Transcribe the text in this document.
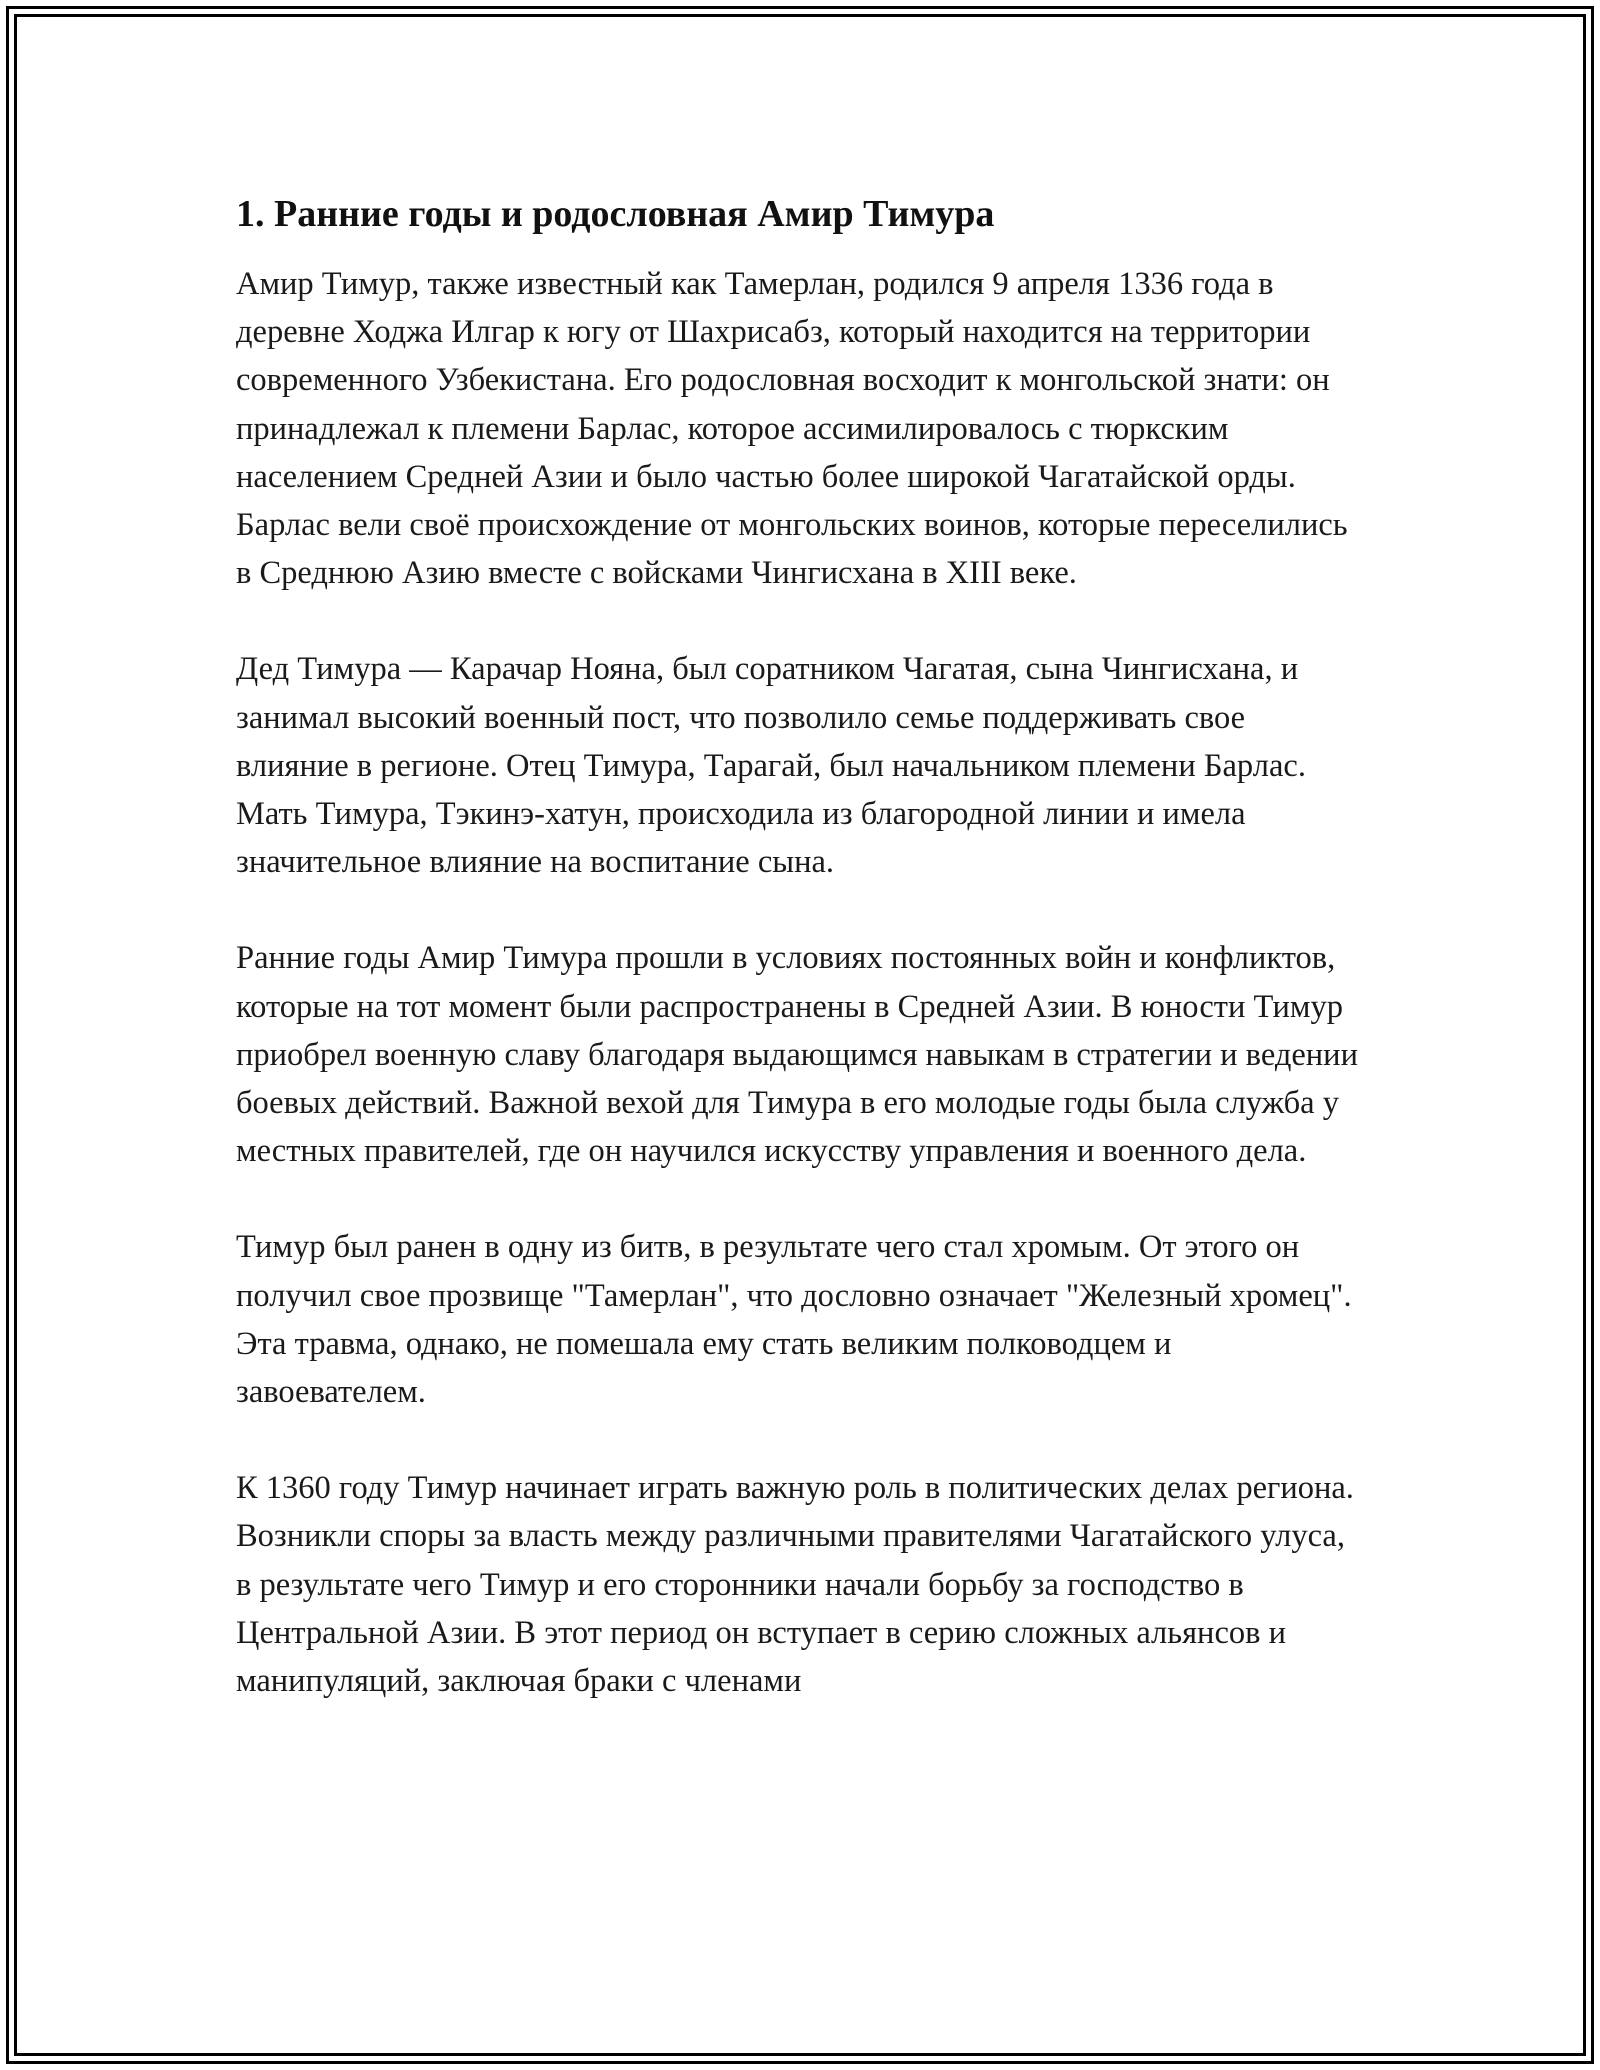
1. Ранние годы и родословная Амир Тимура

Амир Тимур, также известный как Тамерлан, родился 9 апреля 1336 года в деревне Ходжа Илгар к югу от Шахрисабз, который находится на территории современного Узбекистана. Его родословная восходит к монгольской знати: он принадлежал к племени Барлас, которое ассимилировалось с тюркским населением Средней Азии и было частью более широкой Чагатайской орды. Барлас вели своё происхождение от монгольских воинов, которые переселились в Среднюю Азию вместе с войсками Чингисхана в XIII веке.

Дед Тимура — Карачар Нояна, был соратником Чагатая, сына Чингисхана, и занимал высокий военный пост, что позволило семье поддерживать свое влияние в регионе. Отец Тимура, Тарагай, был начальником племени Барлас. Мать Тимура, Тэкинэ-хатун, происходила из благородной линии и имела значительное влияние на воспитание сына.

Ранние годы Амир Тимура прошли в условиях постоянных войн и конфликтов, которые на тот момент были распространены в Средней Азии. В юности Тимур приобрел военную славу благодаря выдающимся навыкам в стратегии и ведении боевых действий. Важной вехой для Тимура в его молодые годы была служба у местных правителей, где он научился искусству управления и военного дела.

Тимур был ранен в одну из битв, в результате чего стал хромым. От этого он получил свое прозвище "Тамерлан", что дословно означает "Железный хромец". Эта травма, однако, не помешала ему стать великим полководцем и завоевателем.

К 1360 году Тимур начинает играть важную роль в политических делах региона. Возникли споры за власть между различными правителями Чагатайского улуса, в результате чего Тимур и его сторонники начали борьбу за господство в Центральной Азии. В этот период он вступает в серию сложных альянсов и манипуляций, заключая браки с членами
